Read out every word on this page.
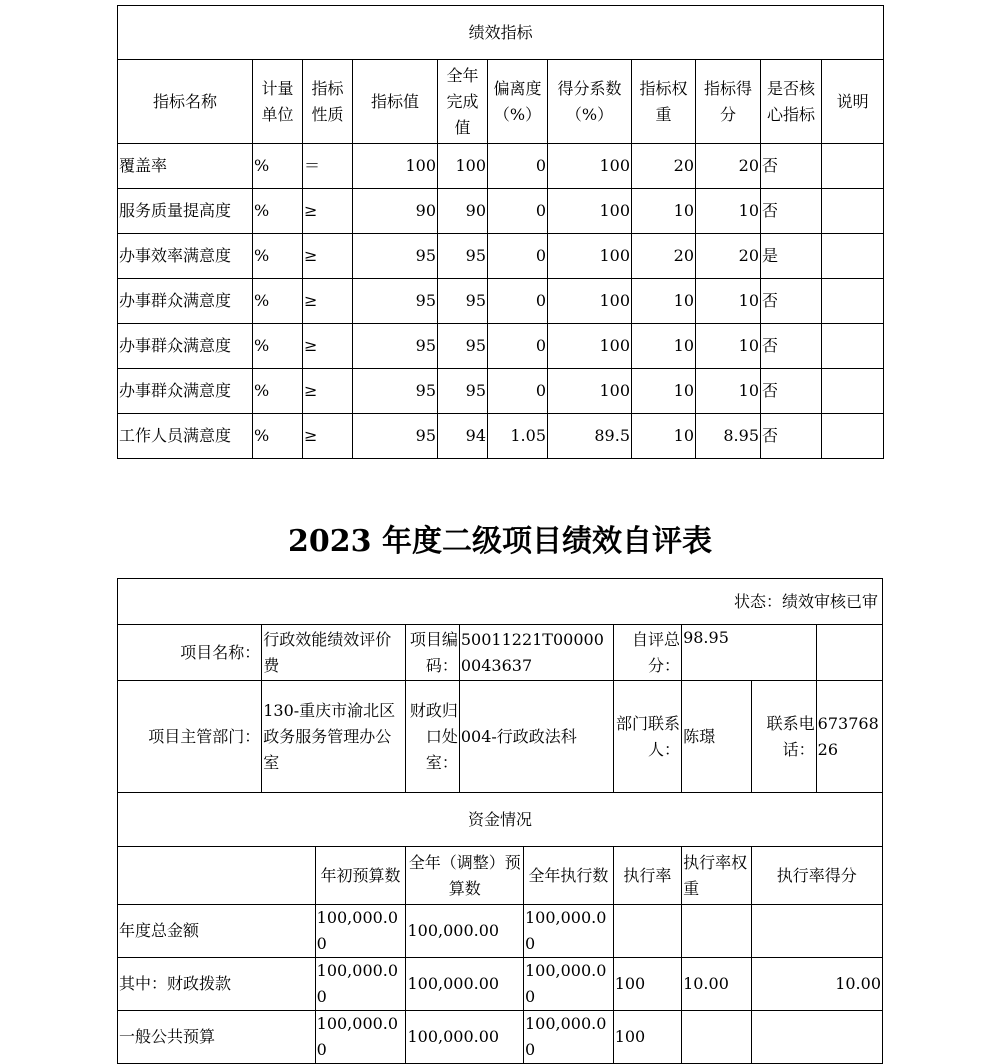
绩效指标										
指标名称	计量单位	指标性质	指标值	全年完成值	偏离度（%）	得分系数（%）	指标权重	指标得分	是否核心指标	说明
覆盖率	%	＝	100	100	0	100	20	20	否	
服务质量提高度	%	≥	90	90	0	100	10	10	否	
办事效率满意度	%	≥	95	95	0	100	20	20	是	
办事群众满意度	%	≥	95	95	0	100	10	10	否	
办事群众满意度	%	≥	95	95	0	100	10	10	否	
办事群众满意度	%	≥	95	95	0	100	10	10	否	
工作人员满意度	%	≥	95	94	1.05	89.5	10	8.95	否	
2023 年度二级项目绩效自评表
状态：绩效审核已审									
项目名称：	行政效能绩效评价费		项目编码：	50011221T000000043637		自评总分：	98.95		
项目主管部门：	130-重庆市渝北区政务服务管理办公室		财政归口处室：	004-行政政法科		部门联系人：	陈璟	联系电话：	67376826
资金情况									
		年初预算数	全年（调整）预算数		全年执行数	执行率	执行率权重	执行率得分	
年度总金额		100,000.00	100,000.00		100,000.00				
其中：财政拨款		100,000.00	100,000.00		100,000.00	100	10.00	10.00	
一般公共预算		100,000.00	100,000.00		100,000.00	100			
